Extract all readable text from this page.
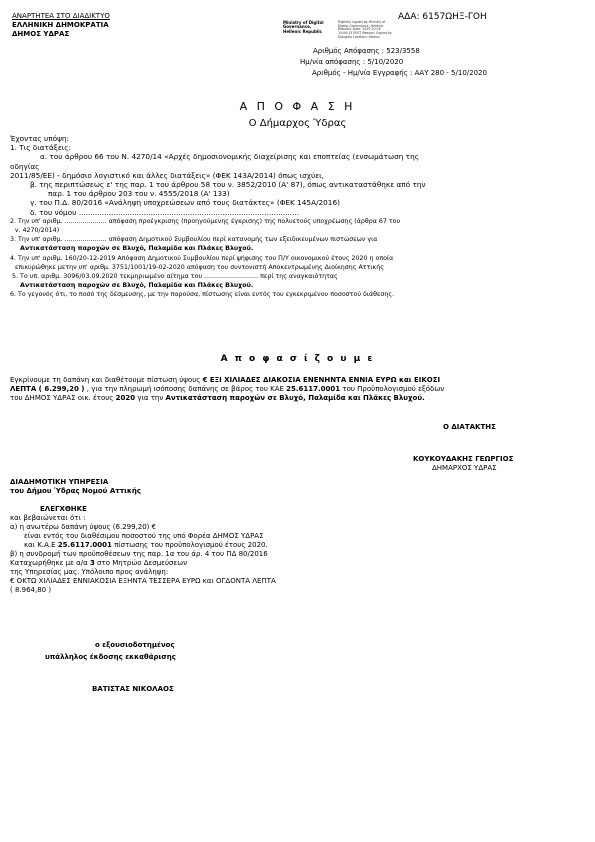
ΑΝΑΡΤΗΤΕΑ ΣΤΟ ΔΙΑΔΙΚΤΥΟ
ΕΛΛΗΝΙΚΗ ΔΗΜΟΚΡΑΤΙΑ
ΔΗΜΟΣ ΥΔΡΑΣ
Ministry of Digital
Governance,
Hellenic Republic
Digitally signed by Ministry of Digital Governance, Hellenic Republic Date: 2020.10.05 10:06:13 EEST Reason: Signed by Diavgeia Location: Athens
ΑΔΑ: 6157ΩΗΞ-ΓΟΗ
Αριθμός Απόφασης : 523/3558
Ημ/νία απόφασης : 5/10/2020
Αριθμός - Ημ/νία Εγγραφής : ΑΑΥ 280 - 5/10/2020
Α Π Ο Φ Α Σ Η
Ο Δήμαρχος Ύδρας
Έχοντας υπόψη:
1. Τις διατάξεις:
α. του άρθρου 66 του Ν. 4270/14 «Αρχές δημοσιονομικής διαχείρισης και εποπτείας (ενσωμάτωση της
οδηγίας
2011/85/ΕΕ) - δημόσιο λογιστικό και άλλες διατάξεις» (ΦΕΚ 143Α/2014) όπως ισχύει,
β. της περιπτώσεως ε' της παρ. 1 του άρθρου 58 του ν. 3852/2010 (Α' 87), όπως αντικαταστάθηκε από την
παρ. 1 του άρθρου 203 του ν. 4555/2018 (Α' 133)
γ. του Π.Δ. 80/2016 «Ανάληψη υποχρεώσεων από τους διατάκτες» (ΦΕΚ 145Α/2016)
δ. του νόμου ...............................................................................................
2. Την υπ' αριθμ. ..................... απόφαση προέγκρισης (προηγούμενης έγκρισης) της πολυετούς υποχρέωσης (άρθρα 67 του
ν. 4270/2014)
3. Την υπ' αριθμ. ..................... απόφαση Δημοτικού Συμβουλίου περί κατανομής των εξειδικευμένων πιστώσεων για
Αντικατάσταση παροχών σε Βλυχό, Παλαμίδα και Πλάκες Βλυχού.
4. Την υπ' αριθμ. 160/20-12-2019 Απόφαση Δημοτικού Συμβουλίου περί ψήφισης του Π/Υ οικονομικού έτους 2020 η οποία
επικυρώθηκε μετην υπ' αριθμ. 3751/1001/19-02-2020 απόφαση του συντονιστή Αποκεντρωμένης Διοίκησης Αττικής
5. Το υπ. αριθμ. 3096/03.09.2020 τεκμηριωμένο αίτημα του ........................... περί της αναγκαιότητας
Αντικατάσταση παροχών σε Βλυχό, Παλαμίδα και Πλάκες Βλυχού.
6. Το γεγονός ότι, το ποσό της δέσμευσης, με την παρούσα, πίστωσης είναι εντός του εγκεκριμένου ποσοστού διάθεσης.
Α π ο φ α σ ί ζ ο υ μ ε
Εγκρίνουμε τη δαπάνη και διαθέτουμε πίστωση ύψους € ΕΞΙ ΧΙΛΙΑΔΕΣ ΔΙΑΚΟΣΙΑ ΕΝΕΝΗΝΤΑ ΕΝΝΙΑ ΕΥΡΩ και ΕΙΚΟΣΙ
ΛΕΠΤΑ ( 6.299,20 ) , για την πληρωμή ισόποσης δαπάνης σε βάρος του ΚΑΕ 25.6117.0001 του Προϋπολογισμού εξόδων
του ΔΗΜΟΣ ΥΔΡΑΣ οικ. έτους 2020 για την Αντικατάσταση παροχών σε Βλυχό, Παλαμίδα και Πλάκες Βλυχού.
Ο ΔΙΑΤΑΚΤΗΣ
ΚΟΥΚΟΥΔΑΚΗΣ ΓΕΩΡΓΙΟΣ
ΔΗΜΑΡΧΟΣ ΥΔΡΑΣ
ΔΙΑΔΗΜΟΤΙΚΗ ΥΠΗΡΕΣΙΑ
του Δήμου Ύδρας Νομού Αττικής
ΕΛΕΓΧΘΗΚΕ
και βεβαιώνεται ότι :
α) η ανωτέρω δαπάνη ύψους (6.299,20) €
είναι εντός του διαθέσιμου ποσοστού της υπό Φορέα ΔΗΜΟΣ ΥΔΡΑΣ
και Κ.Α.Ε 25.6117.0001 πίστωσης του προϋπολογισμού έτους 2020.
β) η συνδρομή των προϋποθέσεων της παρ. 1α του άρ. 4 του ΠΔ 80/2016
Καταχωρήθηκε με α/α 3 στο Μητρώο Δεσμεύσεων
της Υπηρεσίας μας. Υπόλοιπο προς ανάληψη:
€ ΟΚΤΩ ΧΙΛΙΑΔΕΣ ΕΝΝΙΑΚΟΣΙΑ ΕΞΗΝΤΑ ΤΕΣΣΕΡΑ ΕΥΡΩ και ΟΓΔΟΝΤΑ ΛΕΠΤΑ
( 8.964,80 )
ο εξουσιοδοτημένος
υπάλληλος έκδοσης εκκαθάρισης
ΒΑΤΙΣΤΑΣ ΝΙΚΟΛΑΟΣ
